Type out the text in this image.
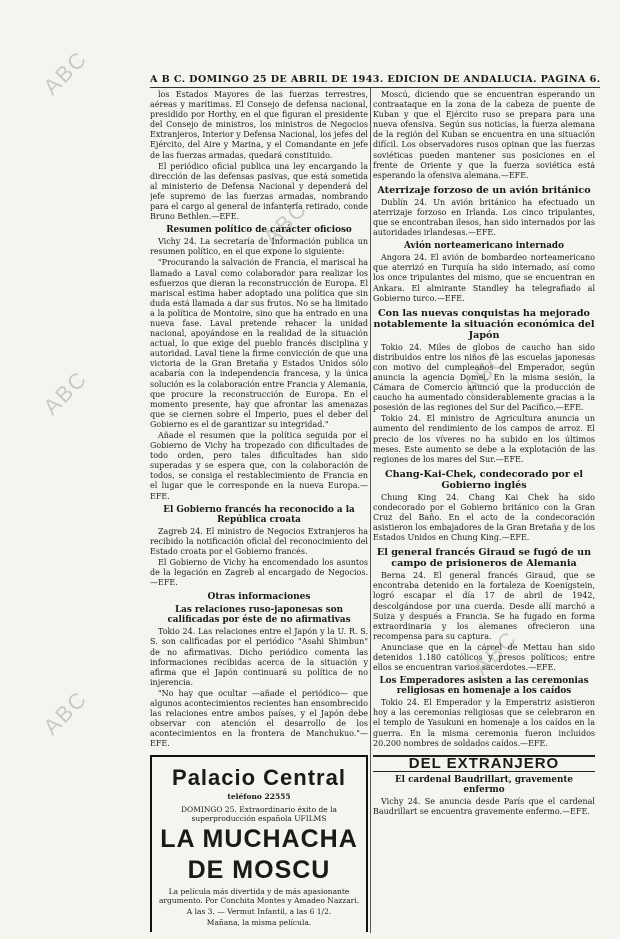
ABC
ABC
ABC
ABC
ABC
ABC
A B C. DOMINGO 25 DE ABRIL DE 1943. EDICION DE ANDALUCIA. PAGINA 6.

los Estados Mayores de las fuerzas terrestres, aéreas y marítimas. El Consejo de defensa nacional, presidido por Horthy, en el que figuran el presidente del Consejo de ministros, los ministros de Negocios Extranjeros, Interior y Defensa Nacional, los jefes del Ejército, del Aire y Marina, y el Comandante en jefe de las fuerzas armadas, quedará constituido.

El periódico oficial publica una ley encargando la dirección de las defensas pasivas, que está sometida al ministerio de Defensa Nacional y dependerá del jefe supremo de las fuerzas armadas, nombrando para el cargo al general de infantería retirado, conde Bruno Bethlen.—EFE.

Resumen político de carácter oficioso

Vichy 24. La secretaría de Información publica un resumen político, en el que expone lo siguiente:

"Procurando la salvación de Francia, el mariscal ha llamado a Laval como colaborador para realizar los esfuerzos que dieran la reconstrucción de Europa. El mariscal estima haber adoptado una política que sin duda está llamada a dar sus frutos. No se ha limitado a la política de Montoire, sino que ha entrado en una nueva fase. Laval pretende rehacer la unidad nacional, apoyándose en la realidad de la situación actual, lo que exige del pueblo francés disciplina y autoridad. Laval tiene la firme convicción de que una victoria de la Gran Bretaña y Estados Unidos sólo acabaría con la independencia francesa, y la única solución es la colaboración entre Francia y Alemania, que procure la reconstrucción de Europa. En el momento presente, hay que afrontar las amenazas que se ciernen sobre el Imperio, pues el deber del Gobierno es el de garantizar su integridad."

Añade el resumen que la política seguida por el Gobierno de Vichy ha tropezado con dificultades de todo orden, pero tales dificultades han sido superadas y se espera que, con la colaboración de todos, se consiga el restablecimiento de Francia en el lugar que le corresponde en la nueva Europa.—EFE.

El Gobierno francés ha reconocido a la República croata

Zagreb 24. El ministro de Negocios Extranjeros ha recibido la notificación oficial del reconocimiento del Estado croata por el Gobierno francés.

El Gobierno de Vichy ha encomendado los asuntos de la legación en Zagreb al encargado de Negocios.—EFE.

Otras informaciones
Las relaciones ruso-japonesas son calificadas por éste de no afirmativas

Tokio 24. Las relaciones entre el Japón y la U. R. S. S. son calificadas por el periódico "Asahi Shimbun" de no afirmativas. Dicho periódico comenta las informaciones recibidas acerca de la situación y afirma que el Japón continuará su política de no injerencia.

"No hay que ocultar —añade el periódico— que algunos acontecimientos recientes han ensombrecido las relaciones entre ambos países, y el Japón debe observar con atención el desarrollo de los acontecimientos en la frontera de Manchukuo."—EFE.

Palacio Central
teléfono 22555
DOMINGO 25. Extraordinario éxito de la superproducción española UFILMS
LA MUCHACHA
DE MOSCU
La película más divertida y de más apasionante argumento. Por Conchita Montes y Amadeo Nazzari.
A las 3. — Vermut Infantil, a las 6 1/2.
Mañana, la misma película.

Moscú, diciendo que se encuentran esperando un contraataque en la zona de la cabeza de puente de Kuban y que el Ejército ruso se prepara para una nueva ofensiva. Según sus noticias, la fuerza alemana de la región del Kuban se encuentra en una situación difícil. Los observadores rusos opinan que las fuerzas soviéticas pueden mantener sus posiciones en el frente de Oriente y que la fuerza soviética está esperando la ofensiva alemana.—EFE.

Aterrizaje forzoso de un avión británico

Dublín 24. Un avión británico ha efectuado un aterrizaje forzoso en Irlanda. Los cinco tripulantes, que se encontraban ilesos, han sido internados por las autoridades irlandesas.—EFE.

Avión norteamericano internado

Angora 24. El avión de bombardeo norteamericano que aterrizó en Turquía ha sido internado, así como los once tripulantes del mismo, que se encuentran en Ankara. El almirante Standley ha telegrafiado al Gobierno turco.—EFE.

Con las nuevas conquistas ha mejorado notablemente la situación económica del Japón

Tokio 24. Miles de globos de caucho han sido distribuidos entre los niños de las escuelas japonesas con motivo del cumpleaños del Emperador, según anuncia la agencia Domei. En la misma sesión, la Cámara de Comercio anunció que la producción de caucho ha aumentado considerablemente gracias a la posesión de las regiones del Sur del Pacífico.—EFE.

Tokio 24. El ministro de Agricultura anuncia un aumento del rendimiento de los campos de arroz. El precio de los víveres no ha subido en los últimos meses. Este aumento se debe a la explotación de las regiones de los mares del Sur.—EFE.

Chang-Kai-Chek, condecorado por el Gobierno inglés

Chung King 24. Chang Kai Chek ha sido condecorado por el Gobierno británico con la Gran Cruz del Baño. En el acto de la condecoración asistieron los embajadores de la Gran Bretaña y de los Estados Unidos en Chung King.—EFE.

El general francés Giraud se fugó de un campo de prisioneros de Alemania

Berna 24. El general francés Giraud, que se encontraba detenido en la fortaleza de Koenigstein, logró escapar el día 17 de abril de 1942, descolgándose por una cuerda. Desde allí marchó a Suiza y después a Francia. Se ha fugado en forma extraordinaria y los alemanes ofrecieron una recompensa para su captura.

Anunciase que en la cárcel de Mettau han sido detenidos 1.180 católicos y presos políticos; entre ellos se encuentran varios sacerdotes.—EFE.

Los Emperadores asisten a las ceremonias religiosas en homenaje a los caídos

Tokio 24. El Emperador y la Emperatriz asistieron hoy a las ceremonias religiosas que se celebraron en el templo de Yasukuni en homenaje a los caídos en la guerra. En la misma ceremonia fueron incluidos 20.200 nombres de soldados caídos.—EFE.

DEL EXTRANJERO
El cardenal Baudrillart, gravemente enfermo

Vichy 24. Se anuncia desde París que el cardenal Baudrillart se encuentra gravemente enfermo.—EFE.
